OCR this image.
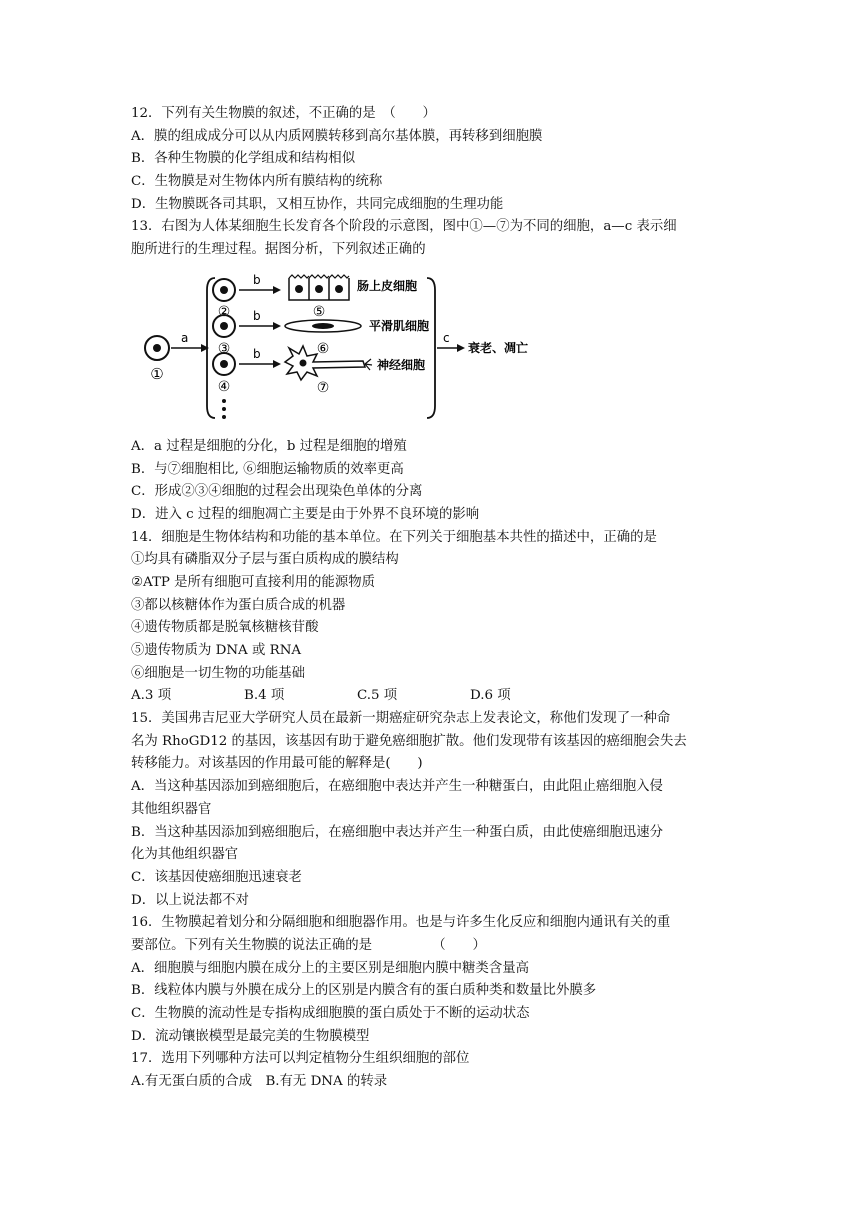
12．下列有关生物膜的叙述，不正确的是　（　　）
A．膜的组成成分可以从内质网膜转移到高尔基体膜，再转移到细胞膜
B．各种生物膜的化学组成和结构相似
C．生物膜是对生物体内所有膜结构的统称
D．生物膜既各司其职，又相互协作，共同完成细胞的生理功能
13．右图为人体某细胞生长发育各个阶段的示意图，图中①—⑦为不同的细胞，a—c 表示细
胞所进行的生理过程。据图分析，下列叙述正确的
①
a
②
③
④
b
b
b
⑤
肠上皮细胞
⑥
平滑肌细胞
⑦
神经细胞
c
衰老、凋亡
A．a 过程是细胞的分化，b 过程是细胞的增殖
B．与⑦细胞相比, ⑥细胞运输物质的效率更高
C．形成②③④细胞的过程会出现染色单体的分离
D．进入 c 过程的细胞凋亡主要是由于外界不良环境的影响
14．细胞是生物体结构和功能的基本单位。在下列关于细胞基本共性的描述中，正确的是
①均具有磷脂双分子层与蛋白质构成的膜结构
②ATP 是所有细胞可直接利用的能源物质
③都以核糖体作为蛋白质合成的机器
④遗传物质都是脱氧核糖核苷酸
⑤遗传物质为 DNA 或 RNA
⑥细胞是一切生物的功能基础
A.3 项	B.4 项	C.5 项	D.6 项
15．美国弗吉尼亚大学研究人员在最新一期癌症研究杂志上发表论文，称他们发现了一种命
名为 RhoGD12 的基因，该基因有助于避免癌细胞扩散。他们发现带有该基因的癌细胞会失去
转移能力。对该基因的作用最可能的解释是(　　)
A．当这种基因添加到癌细胞后，在癌细胞中表达并产生一种糖蛋白，由此阻止癌细胞入侵
其他组织器官
B．当这种基因添加到癌细胞后，在癌细胞中表达并产生一种蛋白质，由此使癌细胞迅速分
化为其他组织器官
C．该基因使癌细胞迅速衰老
D．以上说法都不对
16．生物膜起着划分和分隔细胞和细胞器作用。也是与许多生化反应和细胞内通讯有关的重
要部位。下列有关生物膜的说法正确的是　　　　　（　　）
A．细胞膜与细胞内膜在成分上的主要区别是细胞内膜中糖类含量高
B．线粒体内膜与外膜在成分上的区别是内膜含有的蛋白质种类和数量比外膜多
C．生物膜的流动性是专指构成细胞膜的蛋白质处于不断的运动状态
D．流动镶嵌模型是最完美的生物膜模型
17．选用下列哪种方法可以判定植物分生组织细胞的部位
A.有无蛋白质的合成　B.有无 DNA 的转录
